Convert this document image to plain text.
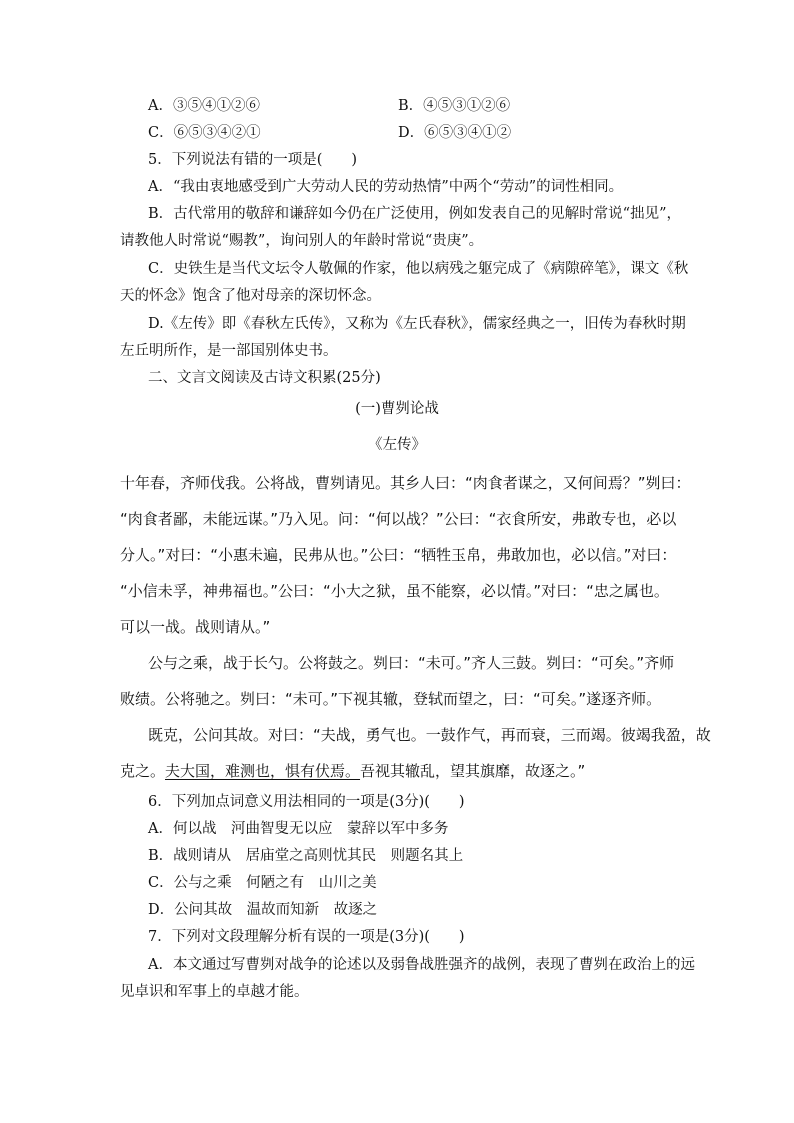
A．③⑤④①②⑥	B．④⑤③①②⑥
C．⑥⑤③④②①	D．⑥⑤③④①②
5．下列说法有错的一项是(　　)
A．“我由衷地感受到广大劳动人民的劳动热情”中两个“劳动”的词性相同。
B．古代常用的敬辞和谦辞如今仍在广泛使用，例如发表自己的见解时常说“拙见”，
请教他人时常说“赐教”，询问别人的年龄时常说“贵庚”。
C．史铁生是当代文坛令人敬佩的作家，他以病残之躯完成了《病隙碎笔》，课文《秋
天的怀念》饱含了他对母亲的深切怀念。
D.《左传》即《春秋左氏传》，又称为《左氏春秋》，儒家经典之一，旧传为春秋时期
左丘明所作，是一部国别体史书。
二、文言文阅读及古诗文积累(25分)
(一)曹刿论战
《左传》
十年春，齐师伐我。公将战，曹刿请见。其乡人曰：“肉食者谋之，又何间焉？”刿曰：
“肉食者鄙，未能远谋。”乃入见。问：“何以战？”公曰：“衣食所安，弗敢专也，必以
分人。”对曰：“小惠未遍，民弗从也。”公曰：“牺牲玉帛，弗敢加也，必以信。”对曰：
“小信未孚，神弗福也。”公曰：“小大之狱，虽不能察，必以情。”对曰：“忠之属也。
可以一战。战则请从。”
公与之乘，战于长勺。公将鼓之。刿曰：“未可。”齐人三鼓。刿曰：“可矣。”齐师
败绩。公将驰之。刿曰：“未可。”下视其辙，登轼而望之，曰：“可矣。”遂逐齐师。
既克，公问其故。对曰：“夫战，勇气也。一鼓作气，再而衰，三而竭。彼竭我盈，故
克之。夫大国，难测也，惧有伏焉。吾视其辙乱，望其旗靡，故逐之。”
6．下列加点词意义用法相同的一项是(3分)(　　)
A．何以战　河曲智叟无以应　蒙辞以军中多务
B．战则请从　居庙堂之高则忧其民　则题名其上
C．公与之乘　何陋之有　山川之美
D．公问其故　温故而知新　故逐之
7．下列对文段理解分析有误的一项是(3分)(　　)
A．本文通过写曹刿对战争的论述以及弱鲁战胜强齐的战例，表现了曹刿在政治上的远
见卓识和军事上的卓越才能。
